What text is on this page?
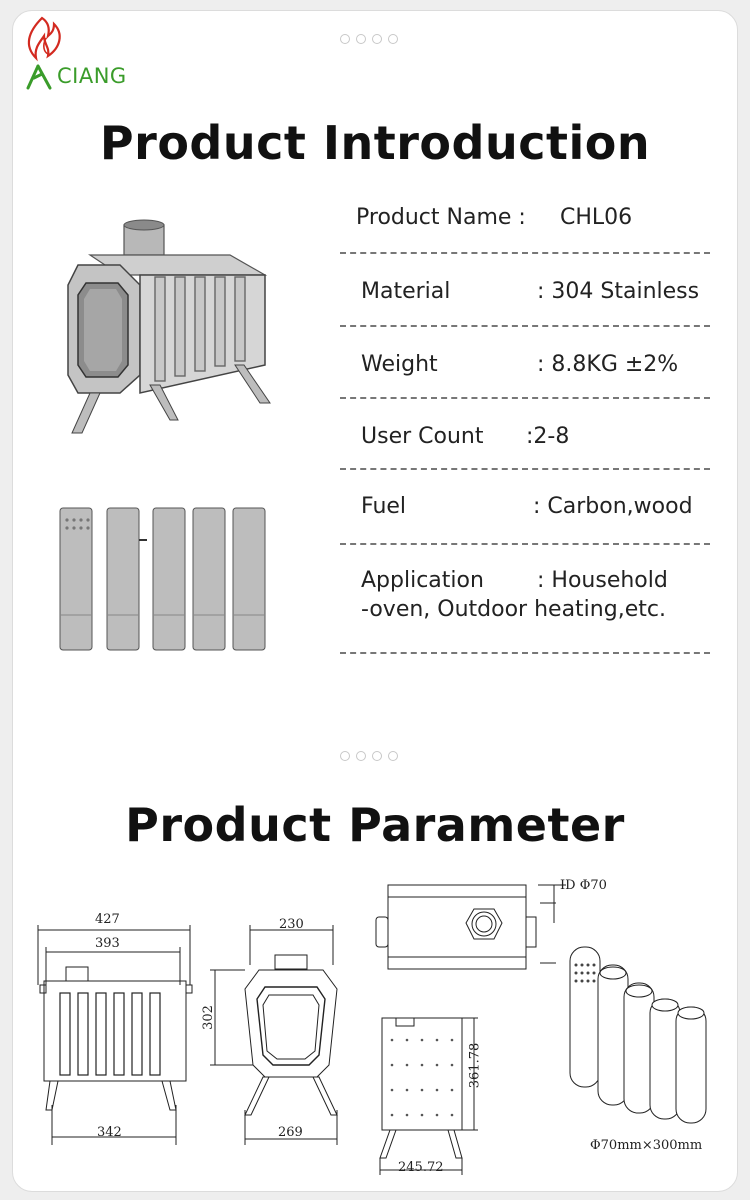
CIANG
Product Introduction
Product Name : CHL06
Material	: 304 Stainless
Weight	: 8.8KG ±2%
User Count :2-8
Fuel	: Carbon,wood
Application : Household
-oven, Outdoor heating,etc.
Product Parameter
427
393
342
230
302
269
ID Φ70
361.78
245.72
Φ70mm×300mm
